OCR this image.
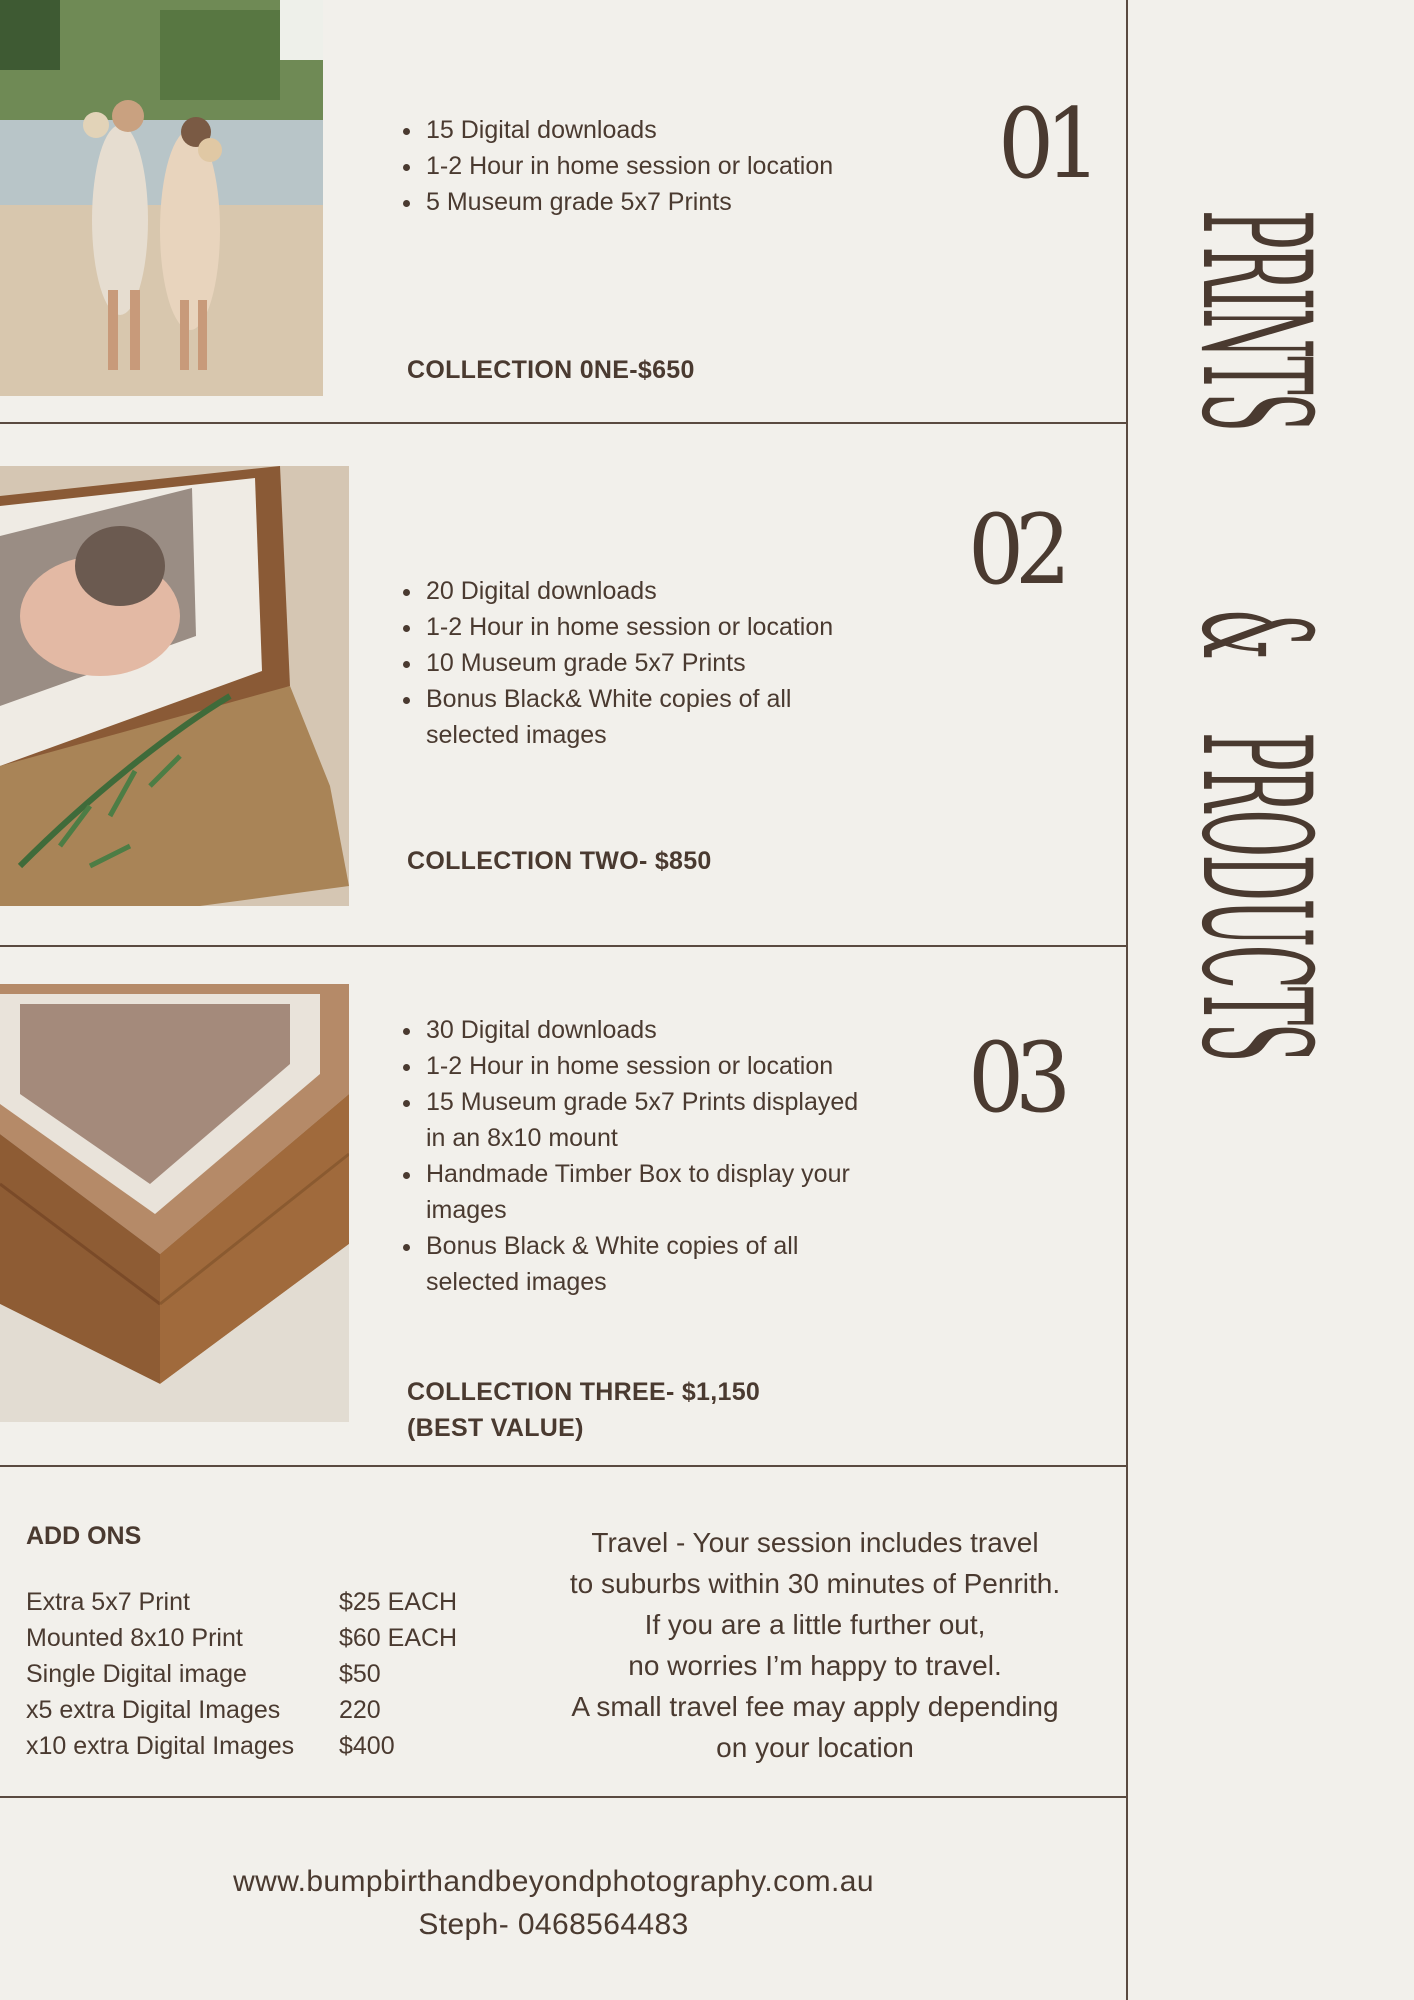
PRINTS & PRODUCTS
01
• 15 Digital downloads
• 1-2 Hour in home session or location
• 5 Museum grade 5x7 Prints
COLLECTION 0NE-$650
02
• 20 Digital downloads
• 1-2 Hour in home session or location
• 10 Museum grade 5x7 Prints
• Bonus Black& White copies of all selected images
COLLECTION TWO- $850
03
• 30 Digital downloads
• 1-2 Hour in home session or location
• 15 Museum grade 5x7 Prints displayed in an 8x10 mount
• Handmade Timber Box to display your images
• Bonus Black & White copies of all selected images
COLLECTION THREE- $1,150
(BEST VALUE)
ADD ONS
Extra 5x7 Print	$25 EACH
Mounted 8x10 Print	$60 EACH
Single Digital image	$50
x5 extra Digital Images	220
x10 extra Digital Images	$400
Travel - Your session includes travel
to suburbs within 30 minutes of Penrith.
If you are a little further out,
no worries I’m happy to travel.
A small travel fee may apply depending
on your location
www.bumpbirthandbeyondphotography.com.au
Steph- 0468564483
